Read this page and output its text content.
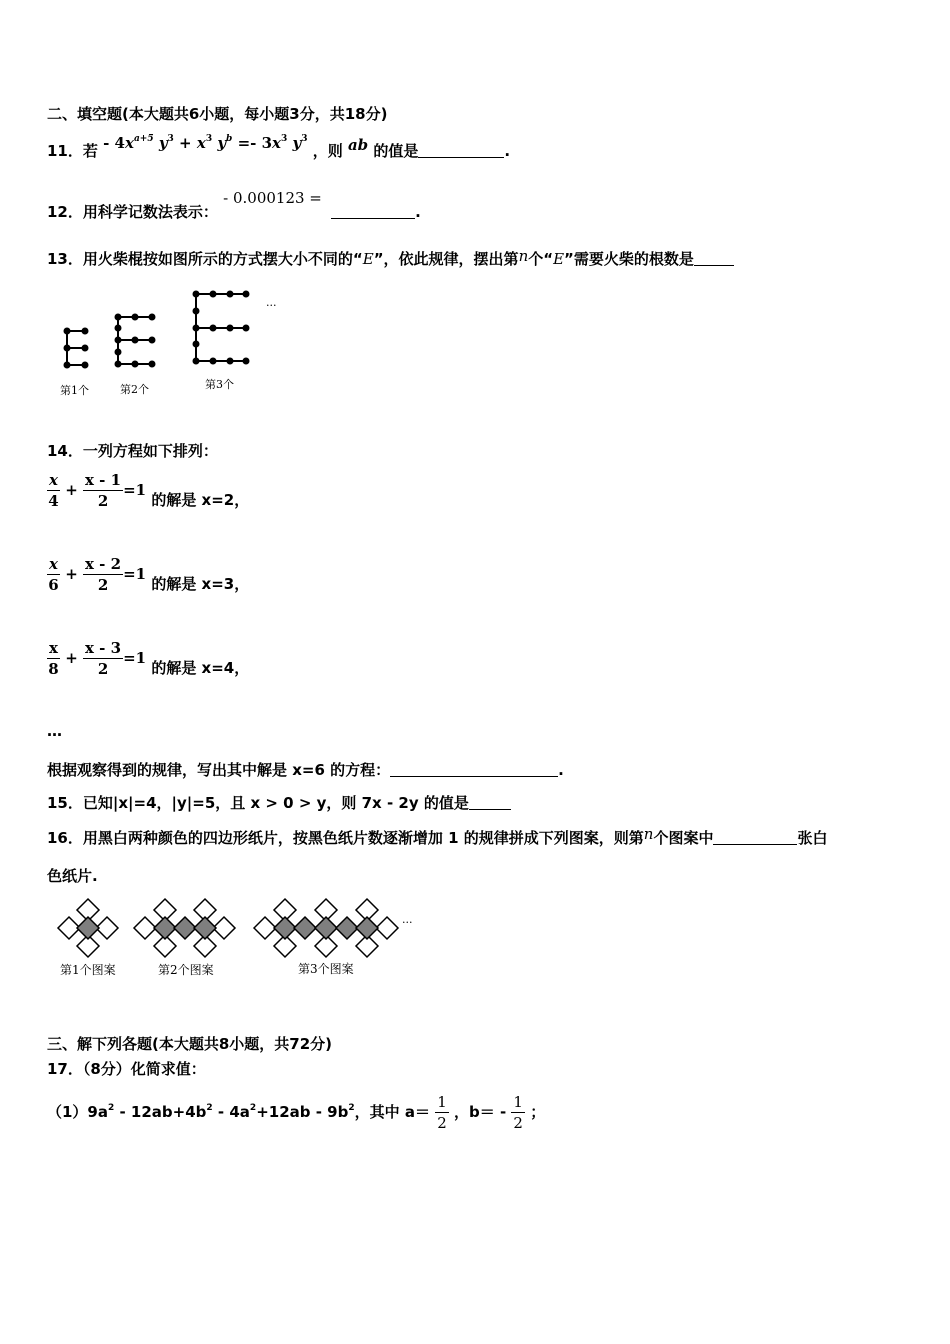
二、填空题(本大题共6小题，每小题3分，共18分)
11．若 - $4x^{a+5}$ $y^3 + x^3$ $y^b =- 3x^3$ $y^3$ ，则 ab 的值是	.
12．用科学记数法表示： - 0.000123 = .
13．用火柴棍按如图所示的方式摆大小不同的“E”，依此规律，摆出第n个“E”需要火柴的根数是
第1个	第2个	第3个
...
14．一列方程如下排列：
$\frac{x}{4} + \frac{x - 1}{2} =1$ 的解是 x=2，
$\frac{x}{6} + \frac{x - 2}{2} =1$ 的解是 x=3，
$\frac{x}{8} + \frac{x - 3}{2} =1$ 的解是 x=4，
…
根据观察得到的规律，写出其中解是 x=6 的方程：	.
15．已知|x|=4，|y|=5，且 x > 0 > y，则 7x - 2y 的值是
16．用黑白两种颜色的四边形纸片，按黑色纸片数逐渐增加 1 的规律拼成下列图案，则第n个图案中	张白
色纸片.
...
第1个图案	第2个图案	第3个图案
三、解下列各题(本大题共8小题，共72分)
17．（8分）化简求值：
$(1)9a^2 - 12ab+4b^2 - 4a^2+12ab - 9b^2$，其中 $a= \frac{1}{2}$ ，$b= - \frac{1}{2}$ ；
